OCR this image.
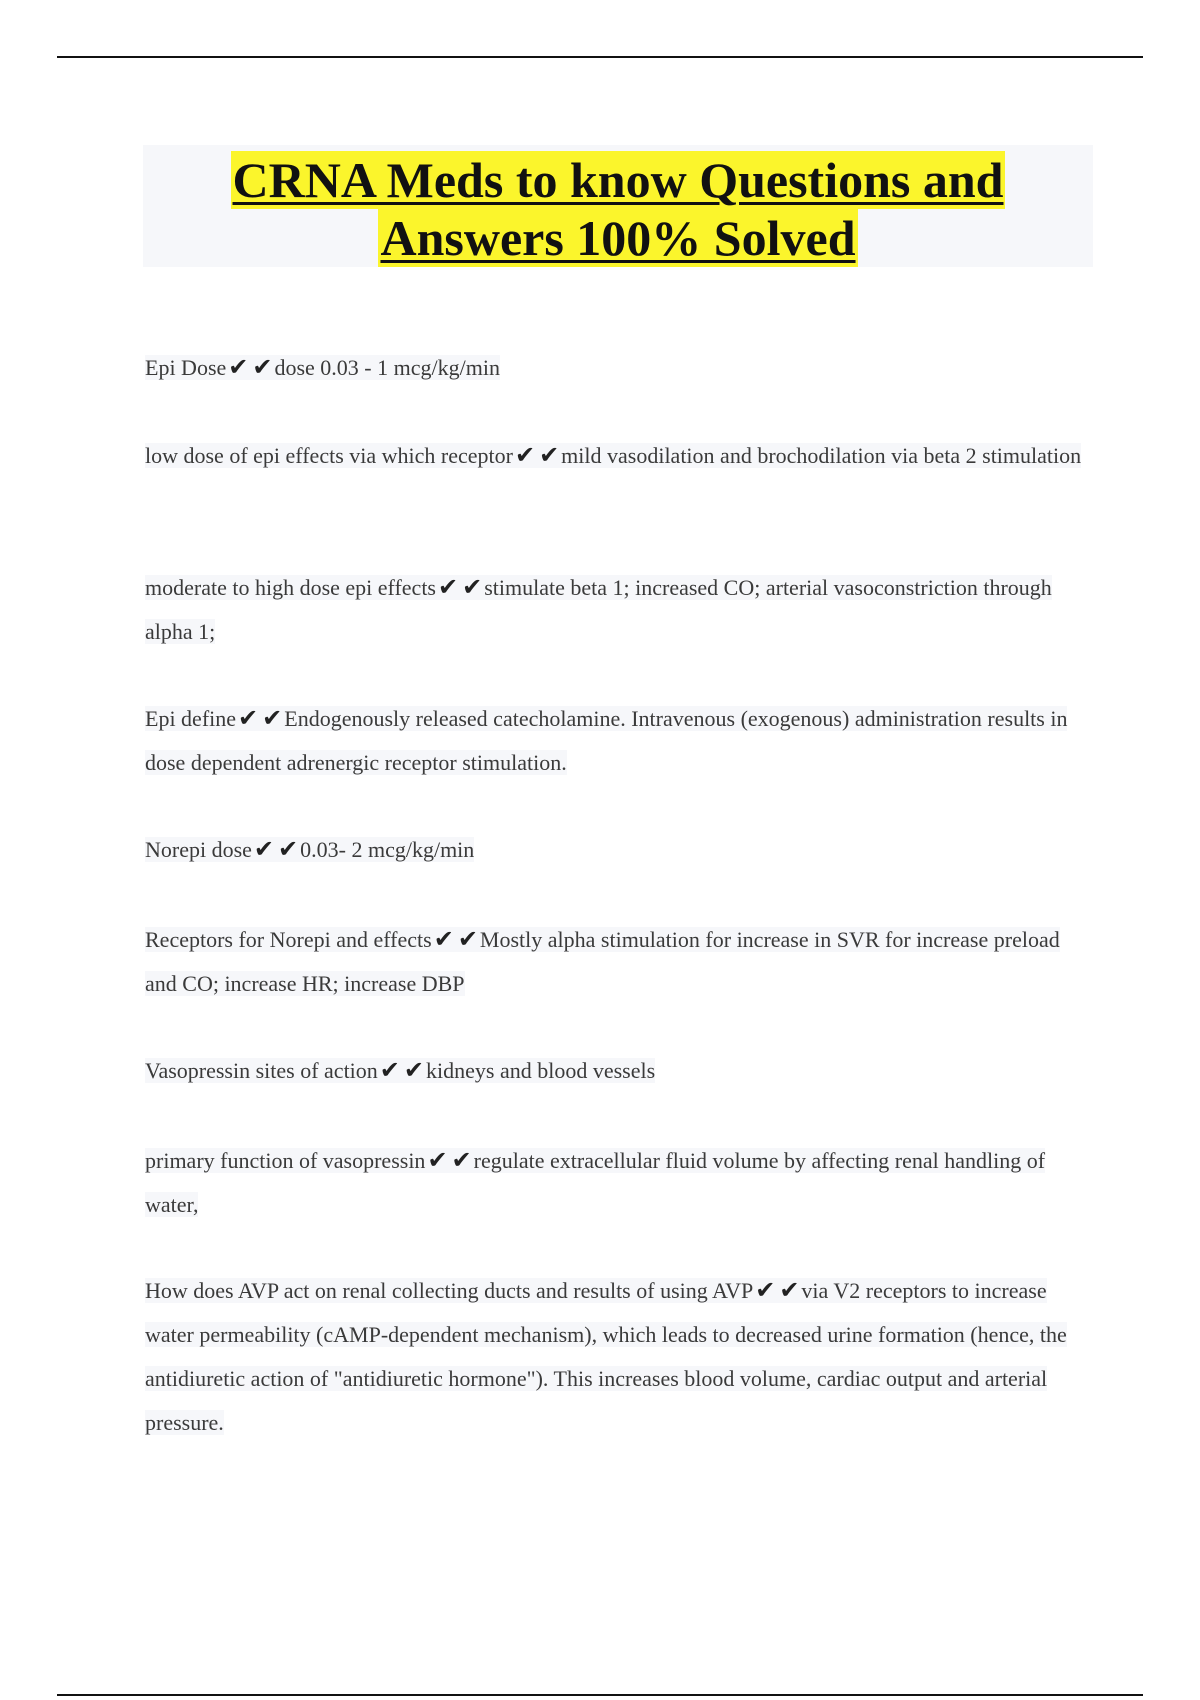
CRNA Meds to know Questions and
Answers 100% Solved
Epi Dose✔ ✔dose 0.03 - 1 mcg/kg/min
low dose of epi effects via which receptor✔ ✔mild vasodilation and brochodilation via beta 2 stimulation
moderate to high dose epi effects✔ ✔stimulate beta 1; increased CO; arterial vasoconstriction through alpha 1;
Epi define✔ ✔Endogenously released catecholamine. Intravenous (exogenous) administration results in dose dependent adrenergic receptor stimulation.
Norepi dose✔ ✔0.03- 2 mcg/kg/min
Receptors for Norepi and effects✔ ✔Mostly alpha stimulation for increase in SVR for increase preload and CO; increase HR; increase DBP
Vasopressin sites of action✔ ✔kidneys and blood vessels
primary function of vasopressin✔ ✔regulate extracellular fluid volume by affecting renal handling of water,
How does AVP act on renal collecting ducts and results of using AVP✔ ✔via V2 receptors to increase water permeability (cAMP-dependent mechanism), which leads to decreased urine formation (hence, the antidiuretic action of "antidiuretic hormone"). This increases blood volume, cardiac output and arterial pressure.
